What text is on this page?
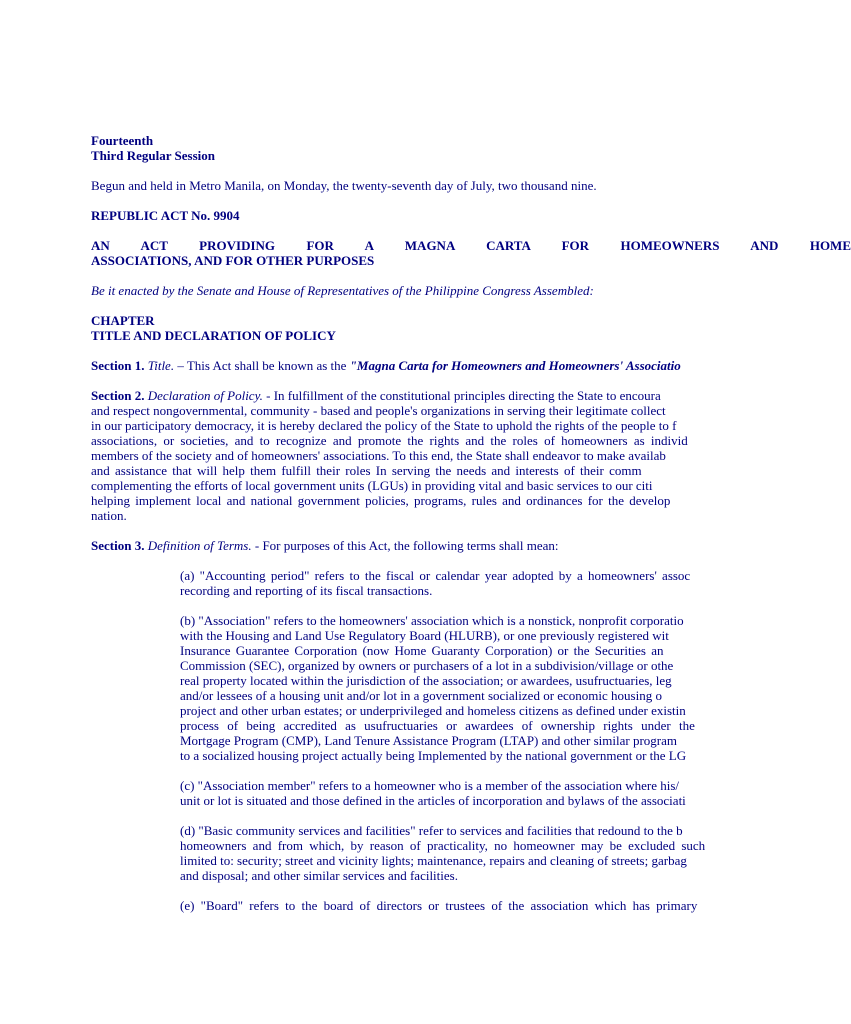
Fourteenth

Third Regular Session

Begun and held in Metro Manila, on Monday, the twenty-seventh day of July, two thousand nine.

REPUBLIC ACT No. 9904

AN ACT PROVIDING FOR A MAGNA CARTA FOR HOMEOWNERS AND HOME

ASSOCIATIONS, AND FOR OTHER PURPOSES

Be it enacted by the Senate and House of Representatives of the Philippine Congress Assembled:

CHAPTER

TITLE AND DECLARATION OF POLICY

Section 1. Title. – This Act shall be known as the "Magna Carta for Homeowners and Homeowners' Associatio

Section 2. Declaration of Policy. - In fulfillment of the constitutional principles directing the State to encoura

and respect nongovernmental, community - based and people's organizations in serving their legitimate collect

in our participatory democracy, it is hereby declared the policy of the State to uphold the rights of the people to f

associations, or societies, and to recognize and promote the rights and the roles of homeowners as individ

members of the society and of homeowners' associations. To this end, the State shall endeavor to make availab

and assistance that will help them fulfill their roles In serving the needs and interests of their comm

complementing the efforts of local government units (LGUs) in providing vital and basic services to our citi

helping implement local and national government policies, programs, rules and ordinances for the develop

nation.

Section 3. Definition of Terms. - For purposes of this Act, the following terms shall mean:

(a) "Accounting period" refers to the fiscal or calendar year adopted by a homeowners' assoc

recording and reporting of its fiscal transactions.

(b) "Association" refers to the homeowners' association which is a nonstick, nonprofit corporatio

with the Housing and Land Use Regulatory Board (HLURB), or one previously registered wit

Insurance Guarantee Corporation (now Home Guaranty Corporation) or the Securities an

Commission (SEC), organized by owners or purchasers of a lot in a subdivision/village or othe

real property located within the jurisdiction of the association; or awardees, usufructuaries, leg

and/or lessees of a housing unit and/or lot in a government socialized or economic housing o

project and other urban estates; or underprivileged and homeless citizens as defined under existin

process of being accredited as usufructuaries or awardees of ownership rights under the

Mortgage Program (CMP), Land Tenure Assistance Program (LTAP) and other similar program

to a socialized housing project actually being Implemented by the national government or the LG

(c) "Association member" refers to a homeowner who is a member of the association where his/

unit or lot is situated and those defined in the articles of incorporation and bylaws of the associati

(d) "Basic community services and facilities" refer to services and facilities that redound to the b

homeowners and from which, by reason of practicality, no homeowner may be excluded such

limited to: security; street and vicinity lights; maintenance, repairs and cleaning of streets; garbag

and disposal; and other similar services and facilities.

(e) "Board" refers to the board of directors or trustees of the association which has primary
